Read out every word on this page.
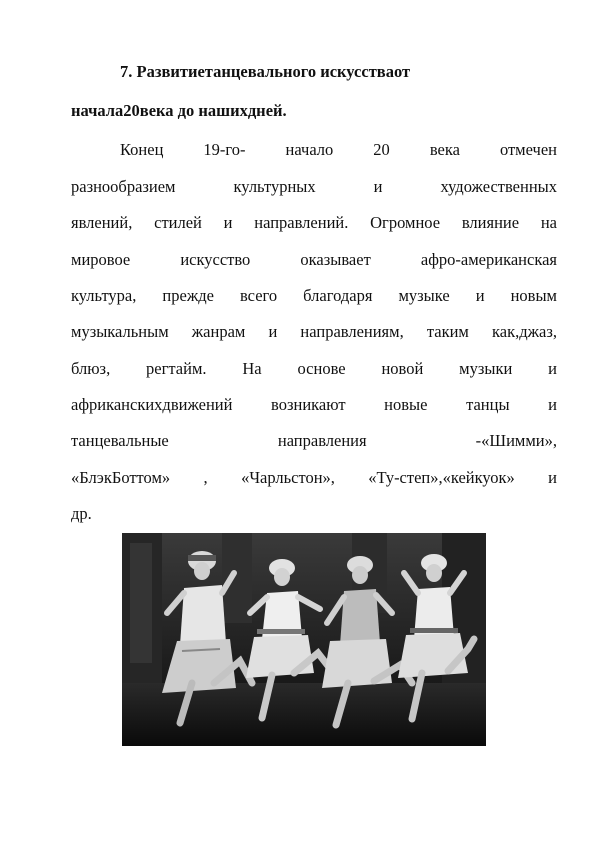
7. Развитиетанцевального искусстваот
начала20века до нашихдней.
Конец 19-го- начало 20 века отмечен
разнообразием культурных и художественных
явлений, стилей и направлений. Огромное влияние на
мировое искусство оказывает афро-американская
культура, прежде всего благодаря музыке и новым
музыкальным жанрам и направлениям, таким как,джаз,
блюз, регтайм. На основе новой музыки и
африканскихдвижений возникают новые танцы и
танцевальные направления -«Шимми»,
«БлэкБоттом» , «Чарльстон», «Ту-степ»,«кейкуок» и
др.
